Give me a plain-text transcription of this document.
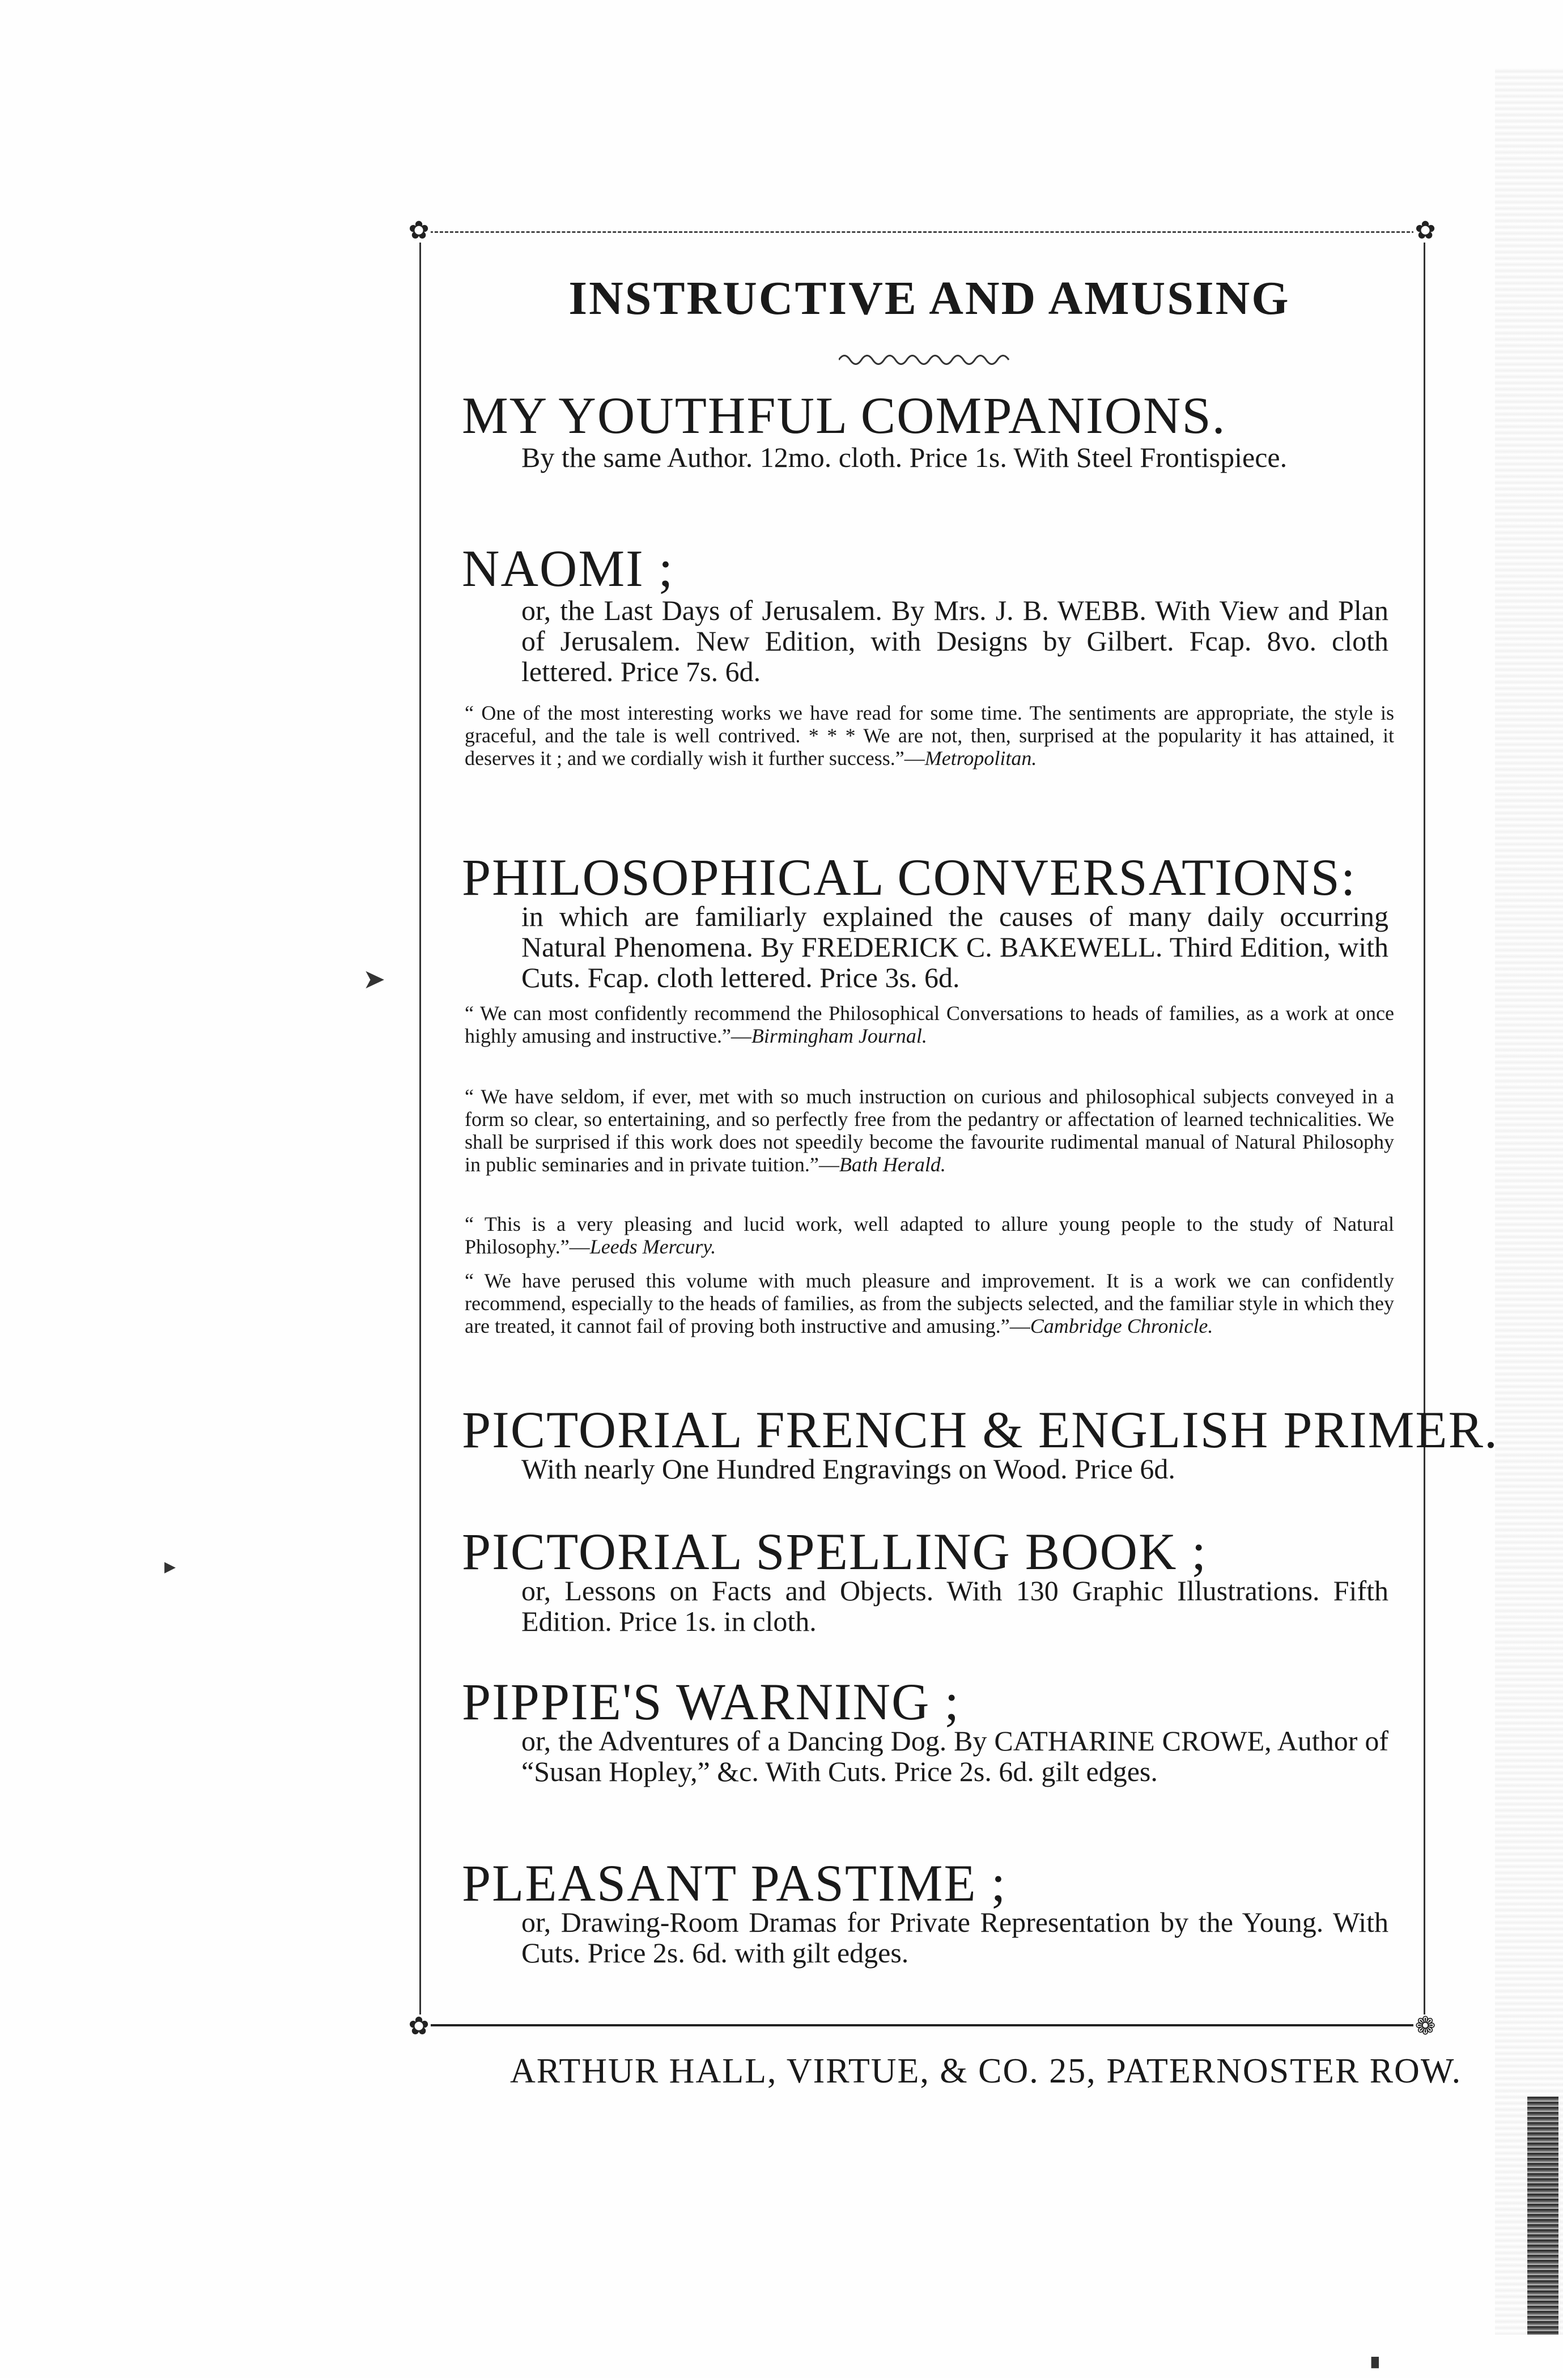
✿	✿
✿	❁
INSTRUCTIVE AND AMUSING
MY YOUTHFUL COMPANIONS.
By the same Author. 12mo. cloth. Price 1s. With Steel Frontispiece.
NAOMI ;
or, the Last Days of Jerusalem. By Mrs. J. B. WEBB. With View and Plan of Jerusalem. New Edition, with Designs by Gilbert. Fcap. 8vo. cloth lettered. Price 7s. 6d.
“ One of the most interesting works we have read for some time. The sentiments are appropriate, the style is graceful, and the tale is well contrived. * * * We are not, then, surprised at the popularity it has attained, it deserves it ; and we cordially wish it further success.”—Metropolitan.
PHILOSOPHICAL CONVERSATIONS:
in which are familiarly explained the causes of many daily occurring Natural Phenomena. By FREDERICK C. BAKEWELL. Third Edition, with Cuts. Fcap. cloth lettered. Price 3s. 6d.
“ We can most confidently recommend the Philosophical Conversations to heads of families, as a work at once highly amusing and instructive.”—Birmingham Journal.
“ We have seldom, if ever, met with so much instruction on curious and philosophical subjects conveyed in a form so clear, so entertaining, and so perfectly free from the pedantry or affectation of learned technicalities. We shall be surprised if this work does not speedily become the favourite rudimental manual of Natural Philosophy in public seminaries and in private tuition.”—Bath Herald.
“ This is a very pleasing and lucid work, well adapted to allure young people to the study of Natural Philosophy.”—Leeds Mercury.
“ We have perused this volume with much pleasure and improvement. It is a work we can confidently recommend, especially to the heads of families, as from the subjects selected, and the familiar style in which they are treated, it cannot fail of proving both instructive and amusing.”—Cambridge Chronicle.
PICTORIAL FRENCH & ENGLISH PRIMER.
With nearly One Hundred Engravings on Wood. Price 6d.
PICTORIAL SPELLING BOOK ;
or, Lessons on Facts and Objects. With 130 Graphic Illustrations. Fifth Edition. Price 1s. in cloth.
PIPPIE'S WARNING ;
or, the Adventures of a Dancing Dog. By CATHARINE CROWE, Author of “Susan Hopley,” &c. With Cuts. Price 2s. 6d. gilt edges.
PLEASANT PASTIME ;
or, Drawing-Room Dramas for Private Representation by the Young. With Cuts. Price 2s. 6d. with gilt edges.
ARTHUR HALL, VIRTUE, & CO. 25, PATERNOSTER ROW.
➤
▸
▘
